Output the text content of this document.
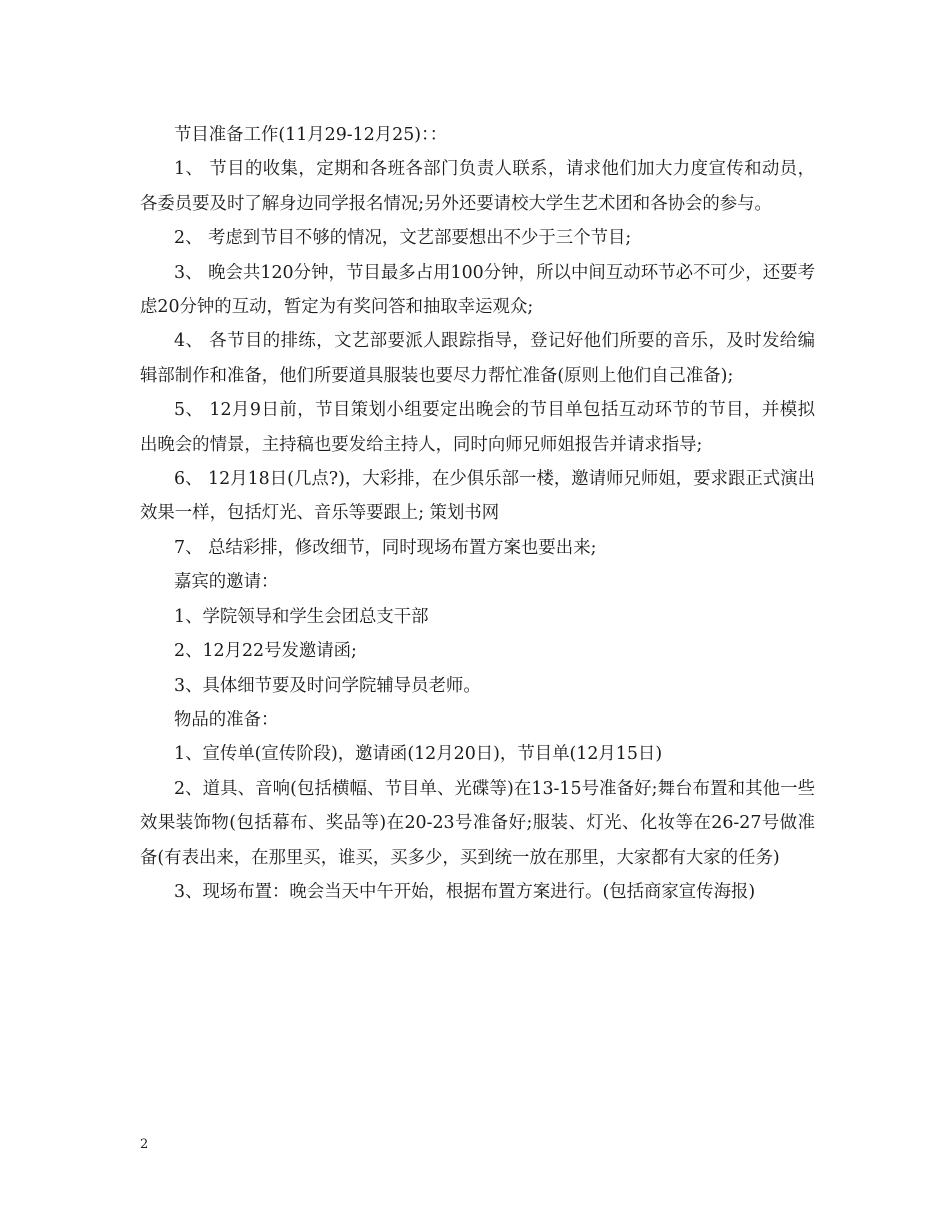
节目准备工作(11月29-12月25)：：

1、 节目的收集，定期和各班各部门负责人联系，请求他们加大力度宣传和动员，各委员要及时了解身边同学报名情况;另外还要请校大学生艺术团和各协会的参与。

2、 考虑到节目不够的情况，文艺部要想出不少于三个节目;

3、 晚会共120分钟，节目最多占用100分钟，所以中间互动环节必不可少，还要考虑20分钟的互动，暂定为有奖问答和抽取幸运观众;

4、 各节目的排练，文艺部要派人跟踪指导，登记好他们所要的音乐，及时发给编辑部制作和准备，他们所要道具服装也要尽力帮忙准备(原则上他们自己准备);

5、 12月9日前，节目策划小组要定出晚会的节目单包括互动环节的节目，并模拟出晚会的情景，主持稿也要发给主持人，同时向师兄师姐报告并请求指导;

6、 12月18日(几点?)，大彩排，在少俱乐部一楼，邀请师兄师姐，要求跟正式演出效果一样，包括灯光、音乐等要跟上; 策划书网

7、 总结彩排，修改细节，同时现场布置方案也要出来;

嘉宾的邀请：

1、学院领导和学生会团总支干部

2、12月22号发邀请函;

3、具体细节要及时问学院辅导员老师。

物品的准备：

1、宣传单(宣传阶段)，邀请函(12月20日)，节目单(12月15日)

2、道具、音响(包括横幅、节目单、光碟等)在13-15号准备好;舞台布置和其他一些效果装饰物(包括幕布、奖品等)在20-23号准备好;服装、灯光、化妆等在26-27号做准备(有表出来，在那里买，谁买，买多少，买到统一放在那里，大家都有大家的任务)

3、现场布置：晚会当天中午开始，根据布置方案进行。(包括商家宣传海报)

2
